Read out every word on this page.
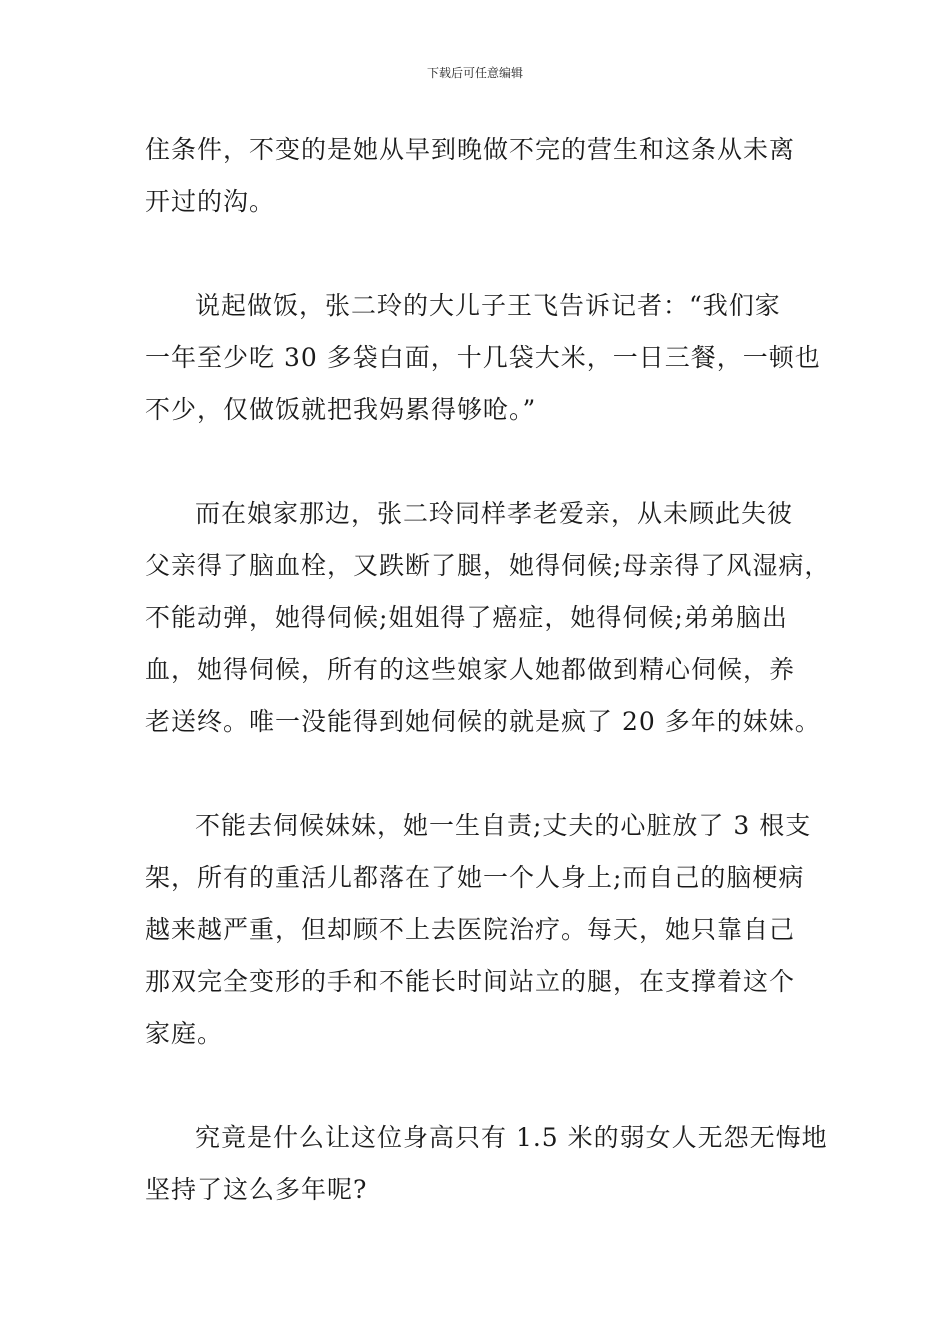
下载后可任意编辑
住条件，不变的是她从早到晚做不完的营生和这条从未离
开过的沟。
说起做饭，张二玲的大儿子王飞告诉记者：“我们家
一年至少吃 30 多袋白面，十几袋大米，一日三餐，一顿也
不少，仅做饭就把我妈累得够呛。”
而在娘家那边，张二玲同样孝老爱亲，从未顾此失彼
父亲得了脑血栓，又跌断了腿，她得伺候;母亲得了风湿病，
不能动弹，她得伺候;姐姐得了癌症，她得伺候;弟弟脑出
血，她得伺候，所有的这些娘家人她都做到精心伺候，养
老送终。唯一没能得到她伺候的就是疯了 20 多年的妹妹。
不能去伺候妹妹，她一生自责;丈夫的心脏放了 3 根支
架，所有的重活儿都落在了她一个人身上;而自己的脑梗病
越来越严重，但却顾不上去医院治疗。每天，她只靠自己
那双完全变形的手和不能长时间站立的腿，在支撑着这个
家庭。
究竟是什么让这位身高只有 1.5 米的弱女人无怨无悔地
坚持了这么多年呢?
